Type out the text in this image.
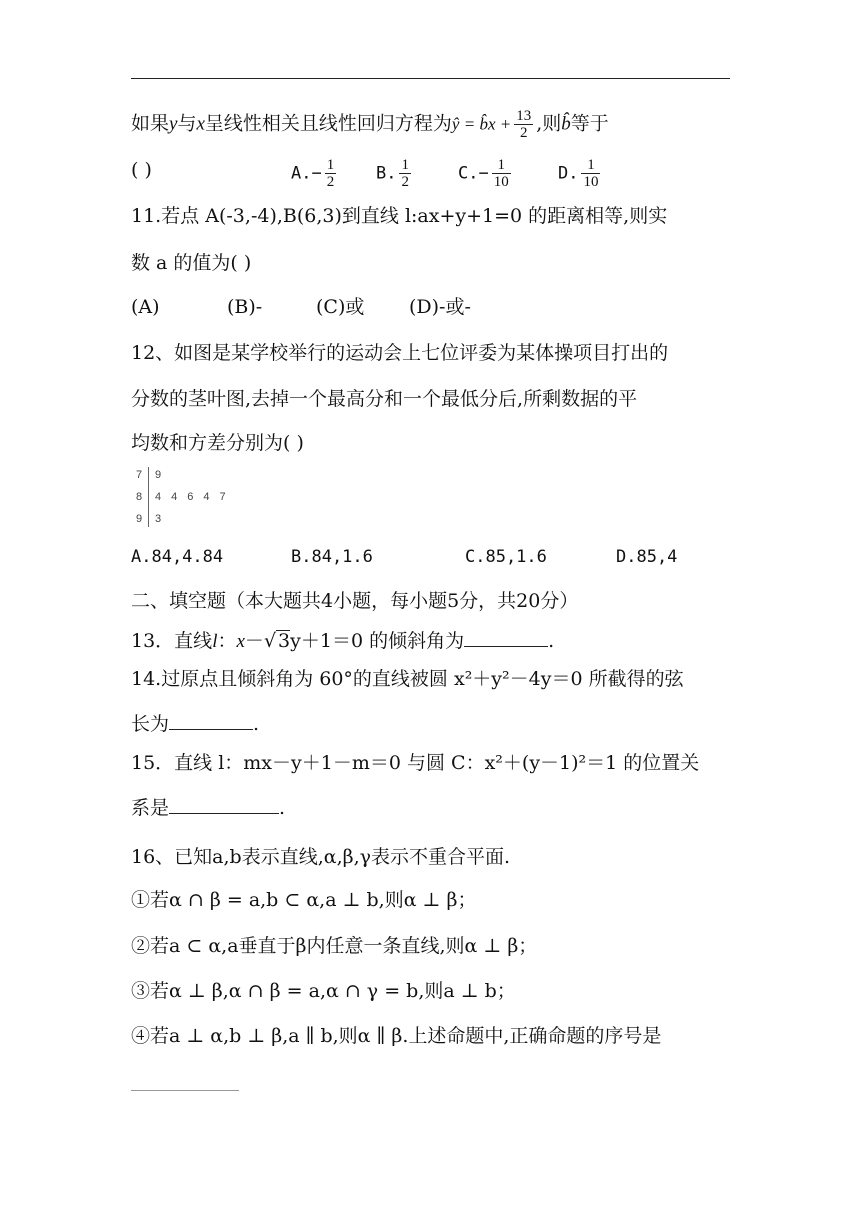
如果y与x呈线性相关且线性回归方程为ŷ = b̂x + $\frac{13}{2}$ ,则b̂等于
( )	$A.- \frac{1}{2} B$. $\frac{1}{2}$	$C.- \frac{1}{10}$	D. $\frac{1}{10}$
11.若点 A(-3,-4),B(6,3)到直线 l:ax+y+1=0 的距离相等,则实
数 a 的值为( )
(A)	(B)-	(C)或 (D)-或-
12、如图是某学校举行的运动会上七位评委为某体操项目打出的
分数的茎叶图,去掉一个最高分和一个最低分后,所剩数据的平
均数和方差分别为( )
7 9
8 44647
9 3
A.84,4.84	B.84,1.6	C.85,1.6	D.85,4
二、填空题（本大题共4小题，每小题5分，共20分）
13．直线l：x－√ 3y＋1＝0 的倾斜角为	.
14.过原点且倾斜角为 60°的直线被圆 x²＋y²－4y＝0 所截得的弦
长为	.
15．直线 l：mx－y＋1－m＝0 与圆 C：x²＋(y－1)²＝1 的位置关
系是	.
16、已知a,b表示直线,α,β,γ表示不重合平面.
①若α ∩ β = a,b ⊂ α,a ⊥ b,则α ⊥ β；
②若a ⊂ α,a垂直于β内任意一条直线,则α ⊥ β；
③若α ⊥ β,α ∩ β = a,α ∩ γ = b,则a ⊥ b；
④若a ⊥ α,b ⊥ β,a ∥ b,则α ∥ β.上述命题中,正确命题的序号是
